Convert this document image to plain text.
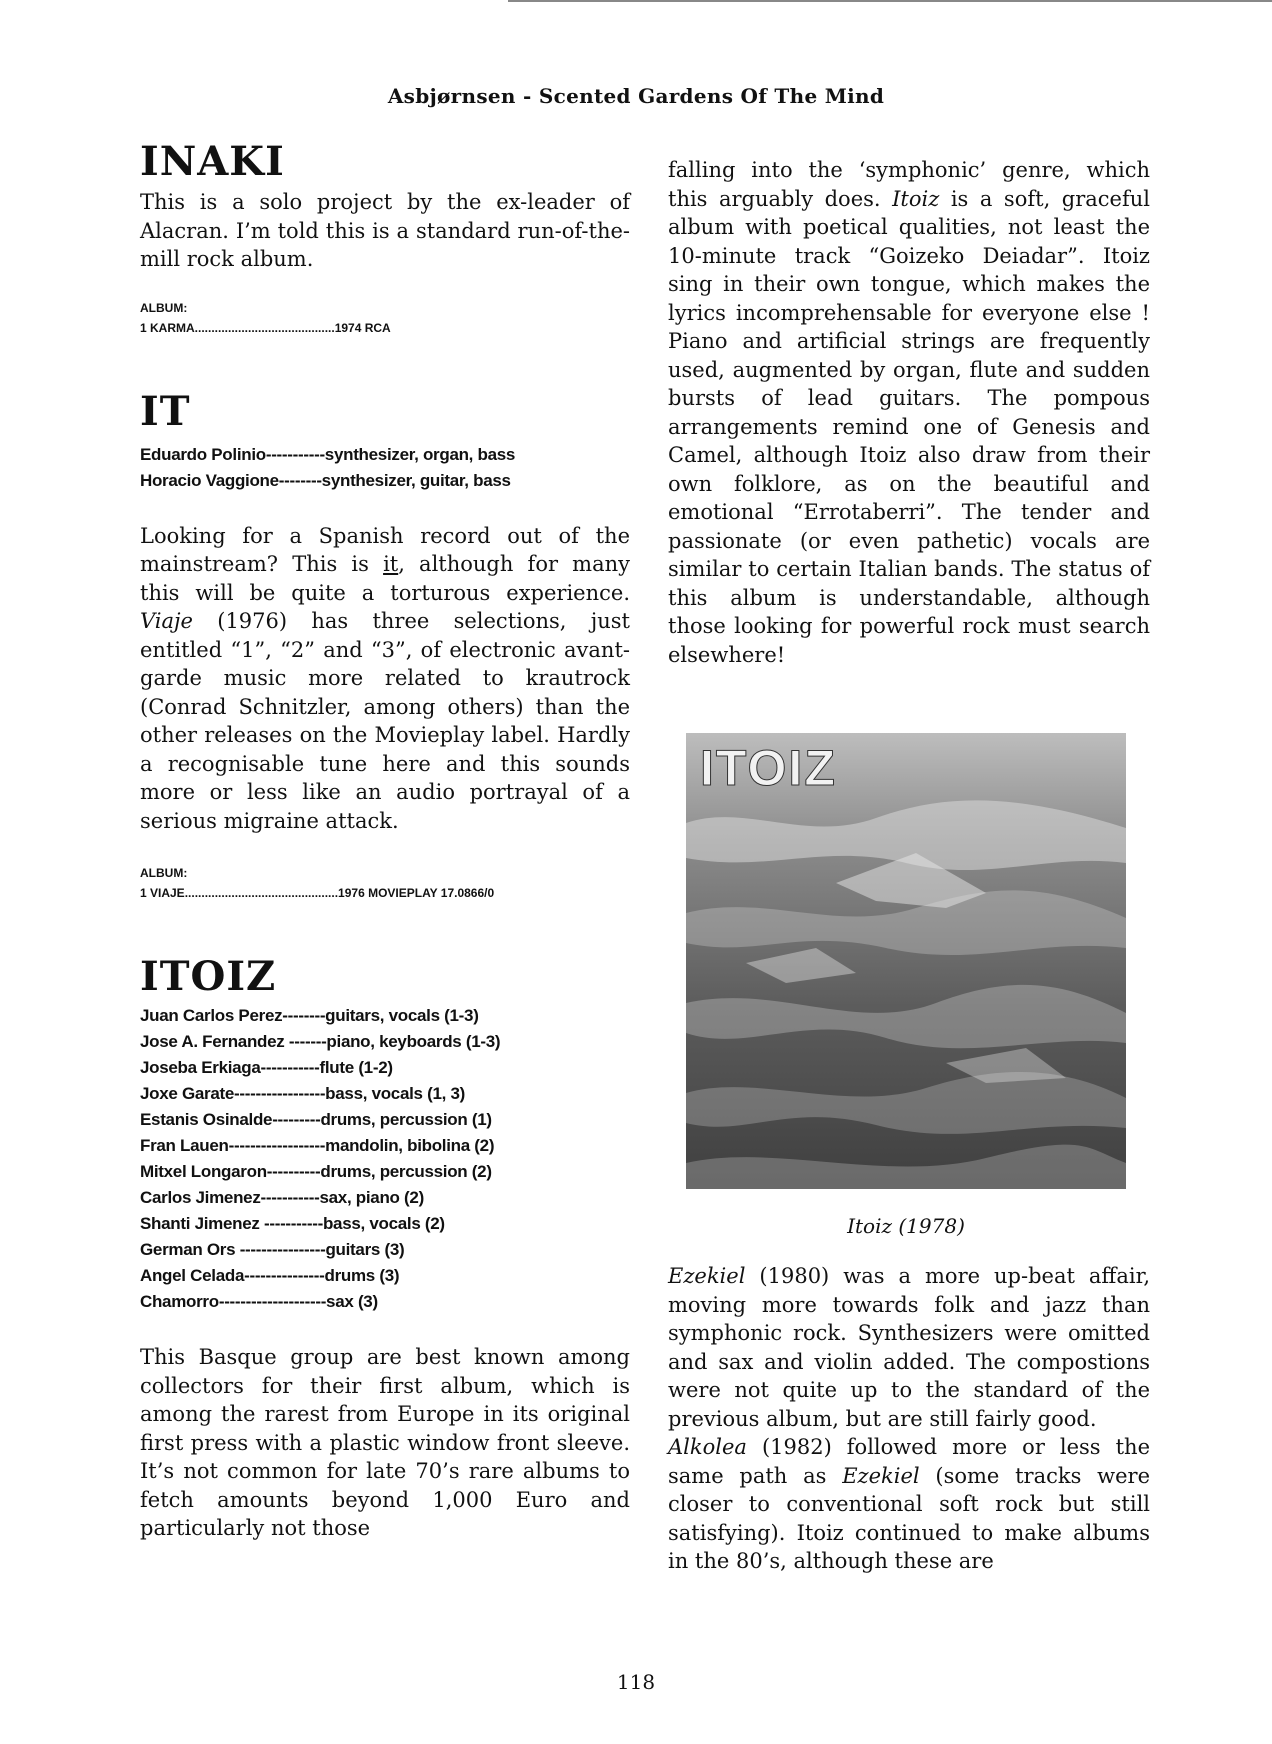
Asbjørnsen - Scented Gardens Of The Mind
INAKI

This is a solo project by the ex-leader of Alacran. I’m told this is a standard run-of-the-mill rock album.

ALBUM:
1 KARMA..........................................1974 RCA
IT
Eduardo Polinio-----------synthesizer, organ, bass
Horacio Vaggione--------synthesizer, guitar, bass

Looking for a Spanish record out of the mainstream? This is it, although for many this will be quite a torturous experience. Viaje (1976) has three selections, just entitled “1”, “2” and “3”, of electronic avant-garde music more related to krautrock (Conrad Schnitzler, among others) than the other releases on the Movieplay label. Hardly a recognisable tune here and this sounds more or less like an audio portrayal of a serious migraine attack.

ALBUM:
1 VIAJE..............................................1976 MOVIEPLAY 17.0866/0
ITOIZ
Juan Carlos Perez--------guitars, vocals (1-3)
Jose A. Fernandez -------piano, keyboards (1-3)
Joseba Erkiaga-----------flute (1-2)
Joxe Garate-----------------bass, vocals (1, 3)
Estanis Osinalde---------drums, percussion (1)
Fran Lauen------------------mandolin, bibolina (2)
Mitxel Longaron----------drums, percussion (2)
Carlos Jimenez-----------sax, piano (2)
Shanti Jimenez -----------bass, vocals (2)
German Ors ----------------guitars (3)
Angel Celada---------------drums (3)
Chamorro--------------------sax (3)

This Basque group are best known among collectors for their first album, which is among the rarest from Europe in its original first press with a plastic window front sleeve. It’s not common for late 70’s rare albums to fetch amounts beyond 1,000 Euro and particularly not those

falling into the ‘symphonic’ genre, which this arguably does. Itoiz is a soft, graceful album with poetical qualities, not least the 10-minute track “Goizeko Deiadar”. Itoiz sing in their own tongue, which makes the lyrics incomprehensable for everyone else ! Piano and artificial strings are frequently used, augmented by organ, flute and sudden bursts of lead guitars. The pompous arrangements remind one of Genesis and Camel, although Itoiz also draw from their own folklore, as on the beautiful and emotional “Errotaberri”. The tender and passionate (or even pathetic) vocals are similar to certain Italian bands. The status of this album is understandable, although those looking for powerful rock must search elsewhere!

ITOIZ
Itoiz (1978)

Ezekiel (1980) was a more up-beat affair, moving more towards folk and jazz than symphonic rock. Synthesizers were omitted and sax and violin added. The compostions were not quite up to the standard of the previous album, but are still fairly good.
Alkolea (1982) followed more or less the same path as Ezekiel (some tracks were closer to conventional soft rock but still satisfying). Itoiz continued to make albums in the 80’s, although these are

118
